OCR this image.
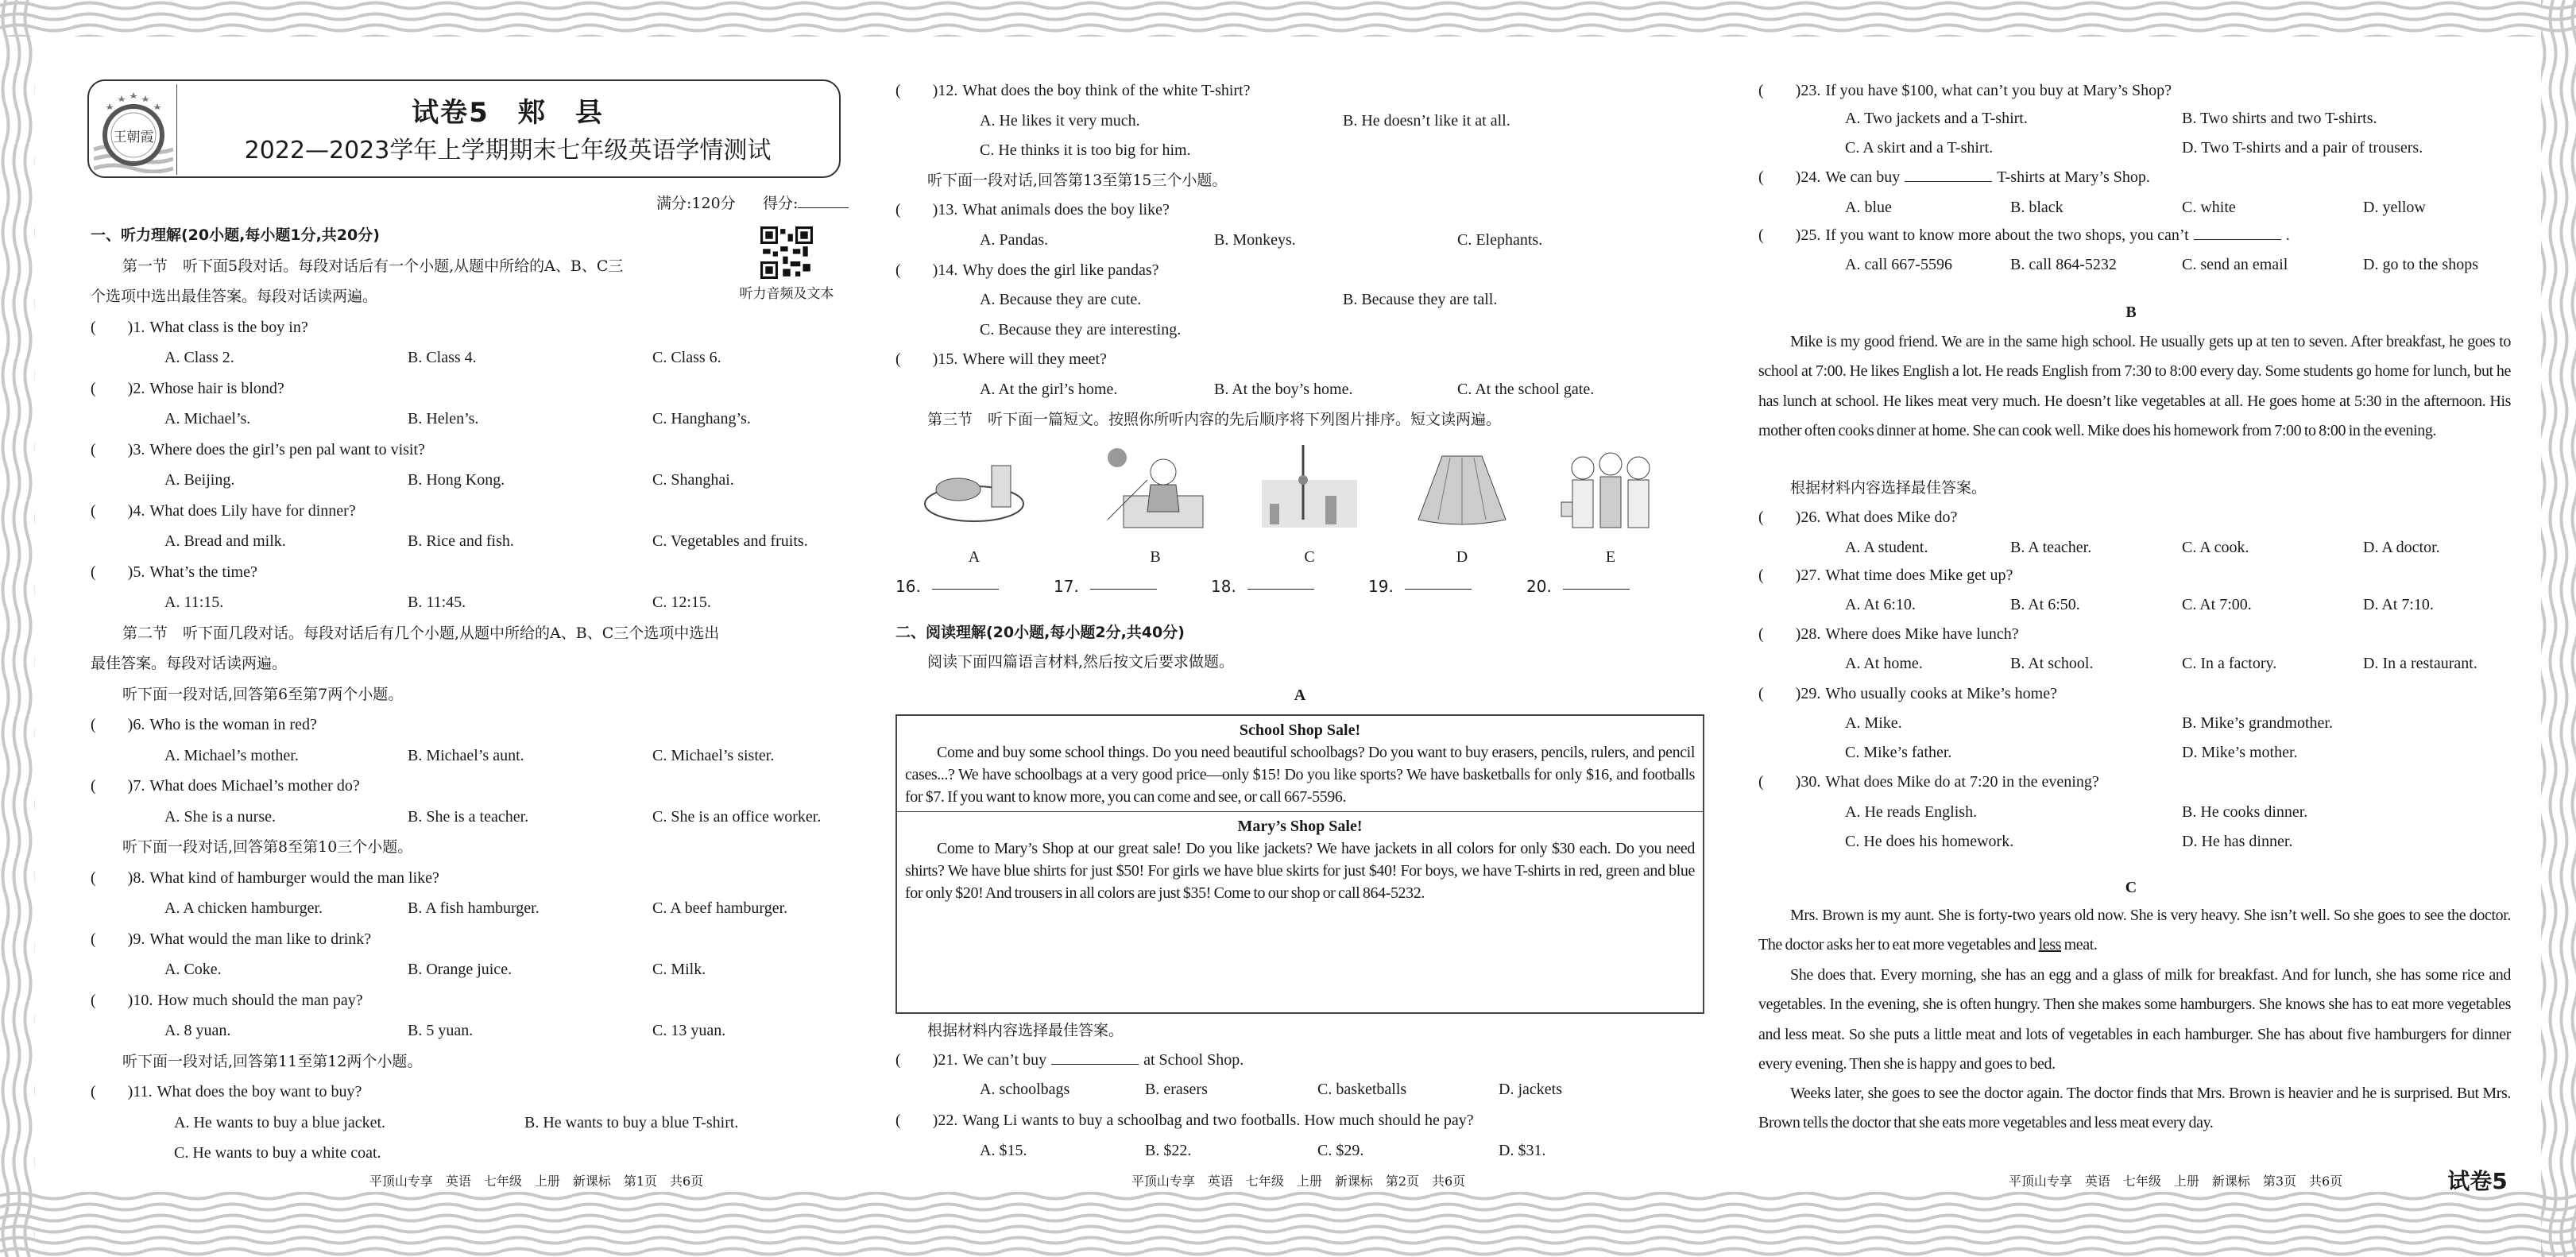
王朝霞
试卷5　郏　县
2022—2023学年上学期期末七年级英语学情测试
满分:120分 得分:
听力音频及文本
一、听力理解(20小题,每小题1分,共20分)
第一节　听下面5段对话。每段对话后有一个小题,从题中所给的A、B、C三
个选项中选出最佳答案。每段对话读两遍。
( )1. What class is the boy in?
A. Class 2.	B. Class 4.	C. Class 6.
( )2. Whose hair is blond?
A. Michael’s.	B. Helen’s.	C. Hanghang’s.
( )3. Where does the girl’s pen pal want to visit?
A. Beijing.	B. Hong Kong.	C. Shanghai.
( )4. What does Lily have for dinner?
A. Bread and milk.	B. Rice and fish.	C. Vegetables and fruits.
( )5. What’s the time?
A. 11:15.	B. 11:45.	C. 12:15.
第二节　听下面几段对话。每段对话后有几个小题,从题中所给的A、B、C三个选项中选出
最佳答案。每段对话读两遍。
听下面一段对话,回答第6至第7两个小题。
( )6. Who is the woman in red?
A. Michael’s mother.	B. Michael’s aunt.	C. Michael’s sister.
( )7. What does Michael’s mother do?
A. She is a nurse.	B. She is a teacher.	C. She is an office worker.
听下面一段对话,回答第8至第10三个小题。
( )8. What kind of hamburger would the man like?
A. A chicken hamburger.	B. A fish hamburger.	C. A beef hamburger.
( )9. What would the man like to drink?
A. Coke.	B. Orange juice.	C. Milk.
( )10. How much should the man pay?
A. 8 yuan.	B. 5 yuan.	C. 13 yuan.
听下面一段对话,回答第11至第12两个小题。
( )11. What does the boy want to buy?
A. He wants to buy a blue jacket.	B. He wants to buy a blue T-shirt.
C. He wants to buy a white coat.
( )12. What does the boy think of the white T-shirt?
A. He likes it very much.	B. He doesn’t like it at all.
C. He thinks it is too big for him.
听下面一段对话,回答第13至第15三个小题。
( )13. What animals does the boy like?
A. Pandas.	B. Monkeys.	C. Elephants.
( )14. Why does the girl like pandas?
A. Because they are cute.	B. Because they are tall.
C. Because they are interesting.
( )15. Where will they meet?
A. At the girl’s home.	B. At the boy’s home.	C. At the school gate.
第三节　听下面一篇短文。按照你所听内容的先后顺序将下列图片排序。短文读两遍。
A	B	C	D	E
16.	17.	18.	19.	20.
二、阅读理解(20小题,每小题2分,共40分)
阅读下面四篇语言材料,然后按文后要求做题。
A
根据材料内容选择最佳答案。
( )21. We can’t buy	at School Shop.
A. schoolbags	B. erasers	C. basketballs	D. jackets
( )22. Wang Li wants to buy a schoolbag and two footballs. How much should he pay?
A. $15.	B. $22.	C. $29.	D. $31.
( )23. If you have $100, what can’t you buy at Mary’s Shop?
A. Two jackets and a T-shirt.	B. Two shirts and two T-shirts.
C. A skirt and a T-shirt.	D. Two T-shirts and a pair of trousers.
( )24. We can buy	T-shirts at Mary’s Shop.
A. blue	B. black	C. white	D. yellow
( )25. If you want to know more about the two shops, you can’t	.
A. call 667-5596	B. call 864-5232	C. send an email	D. go to the shops
B
根据材料内容选择最佳答案。
( )26. What does Mike do?
A. A student.	B. A teacher.	C. A cook.	D. A doctor.
( )27. What time does Mike get up?
A. At 6:10.	B. At 6:50.	C. At 7:00.	D. At 7:10.
( )28. Where does Mike have lunch?
A. At home.	B. At school.	C. In a factory.	D. In a restaurant.
( )29. Who usually cooks at Mike’s home?
A. Mike.	B. Mike’s grandmother.
C. Mike’s father.	D. Mike’s mother.
( )30. What does Mike do at 7:20 in the evening?
A. He reads English.	B. He cooks dinner.
C. He does his homework.	D. He has dinner.
C
平顶山专享　英语　七年级　上册　新课标　第1页　共6页	平顶山专享　英语　七年级　上册　新课标　第2页　共6页	平顶山专享　英语　七年级　上册　新课标　第3页　共6页	试卷5
School Shop Sale!

Come and buy some school things. Do you need beautiful schoolbags? Do you want to buy erasers, pencils, rulers, and pencil cases...? We have schoolbags at a very good price—only $15! Do you like sports? We have basketballs for only $16, and footballs for $7. If you want to know more, you can come and see, or call 667-5596.

Mary’s Shop Sale!

Come to Mary’s Shop at our great sale! Do you like jackets? We have jackets in all colors for only $30 each. Do you need shirts? We have blue shirts for just $50! For girls we have blue skirts for just $40! For boys, we have T-shirts in red, green and blue for only $20! And trousers in all colors are just $35! Come to our shop or call 864-5232.

Mike is my good friend. We are in the same high school. He usually gets up at ten to seven. After breakfast, he goes to school at 7:00. He likes English a lot. He reads English from 7:30 to 8:00 every day. Some students go home for lunch, but he has lunch at school. He likes meat very much. He doesn’t like vegetables at all. He goes home at 5:30 in the afternoon. His mother often cooks dinner at home. She can cook well. Mike does his homework from 7:00 to 8:00 in the evening.

Mrs. Brown is my aunt. She is forty-two years old now. She is very heavy. She isn’t well. So she goes to see the doctor. The doctor asks her to eat more vegetables and less meat.

She does that. Every morning, she has an egg and a glass of milk for breakfast. And for lunch, she has some rice and vegetables. In the evening, she is often hungry. Then she makes some hamburgers. She knows she has to eat more vegetables and less meat. So she puts a little meat and lots of vegetables in each hamburger. She has about five hamburgers for dinner every evening. Then she is happy and goes to bed.

Weeks later, she goes to see the doctor again. The doctor finds that Mrs. Brown is heavier and he is surprised. But Mrs. Brown tells the doctor that she eats more vegetables and less meat every day.
